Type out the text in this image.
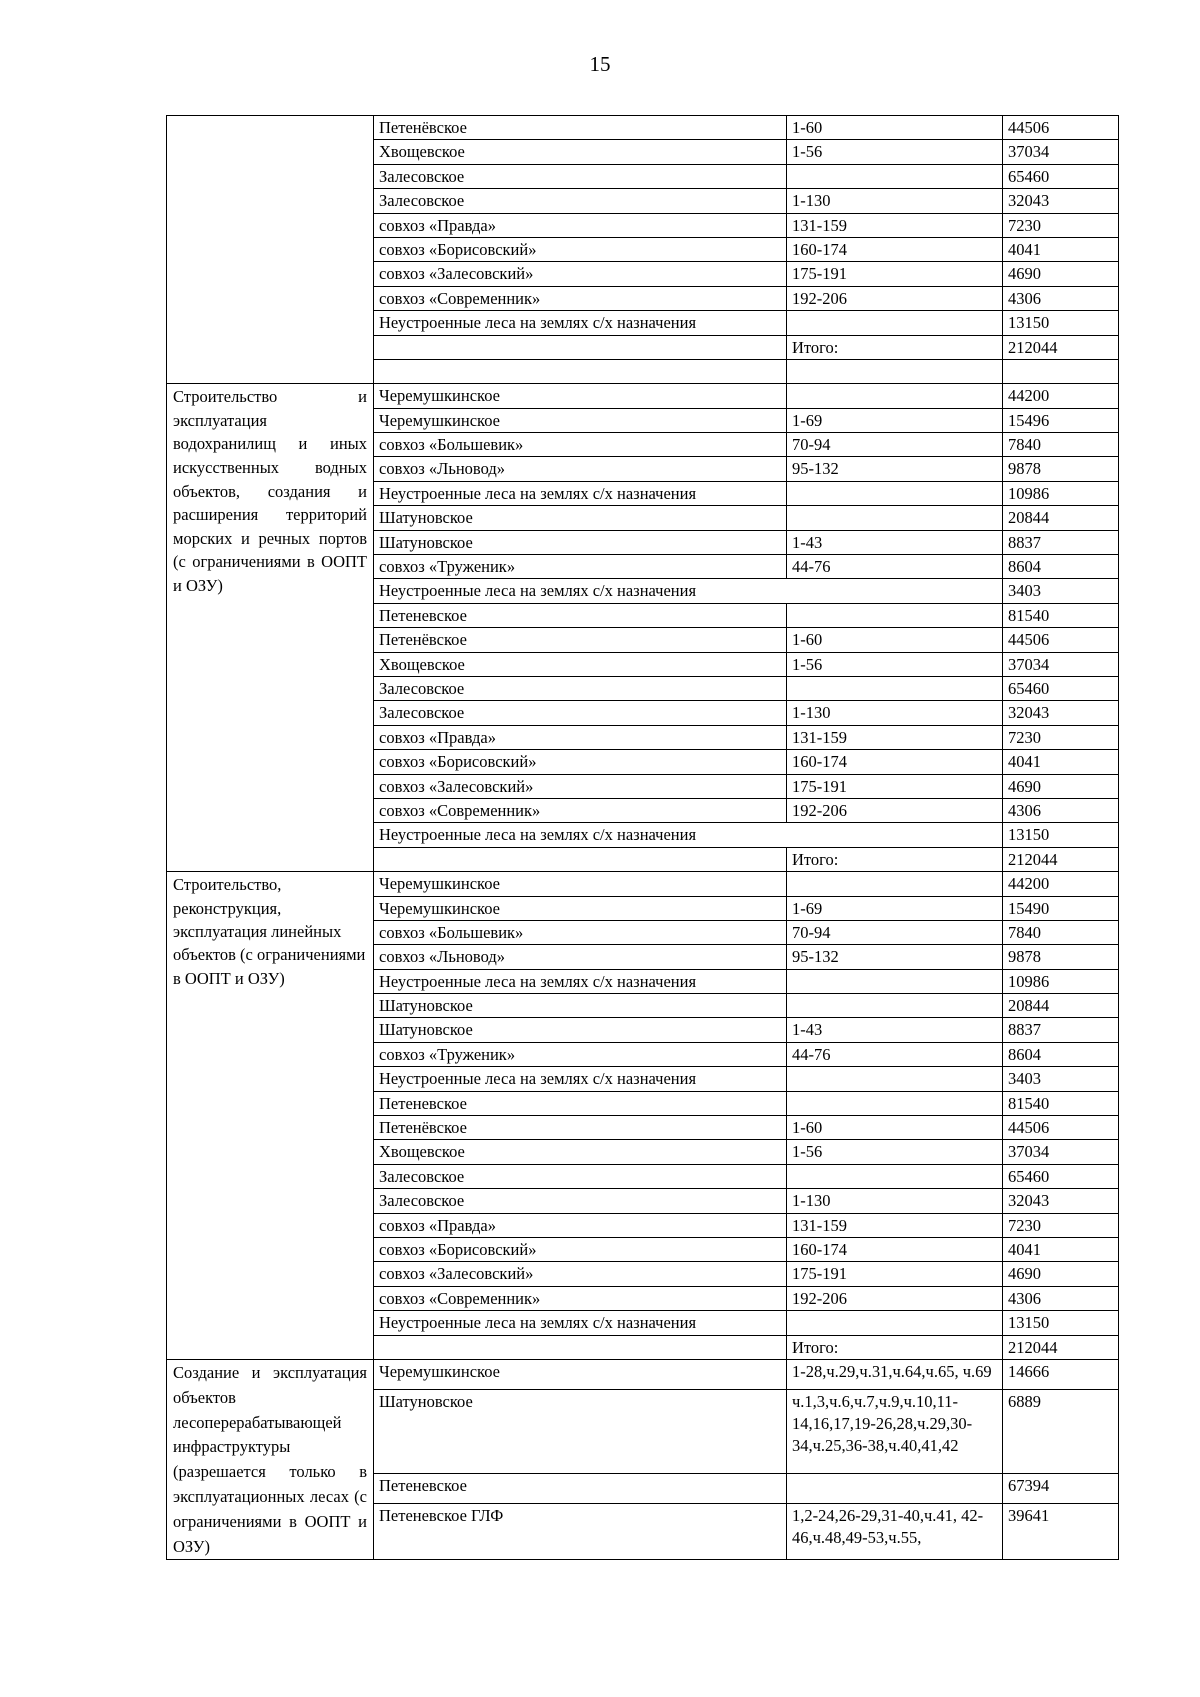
15
	Петенёвское	1-60	44506
	Хвощевское	1-56	37034
	Залесовское		65460
	Залесовское	1-130	32043
	совхоз «Правда»	131-159	7230
	совхоз «Борисовский»	160-174	4041
	совхоз «Залесовский»	175-191	4690
	совхоз «Современник»	192-206	4306
	Неустроенные леса на землях с/х назначения		13150
		Итого:	212044

Строительство и эксплуатация водохранилищ и иных искусственных водных объектов, создания и расширения территорий морских и речных портов (с ограничениями в ООПТ и ОЗУ)	Черемушкинское		44200
	Черемушкинское	1-69	15496
	совхоз «Большевик»	70-94	7840
	совхоз «Льновод»	95-132	9878
	Неустроенные леса на землях с/х назначения		10986
	Шатуновское		20844
	Шатуновское	1-43	8837
	совхоз «Труженик»	44-76	8604
	Неустроенные леса на землях с/х назначения		3403
	Петеневское		81540
	Петенёвское	1-60	44506
	Хвощевское	1-56	37034
	Залесовское		65460
	Залесовское	1-130	32043
	совхоз «Правда»	131-159	7230
	совхоз «Борисовский»	160-174	4041
	совхоз «Залесовский»	175-191	4690
	совхоз «Современник»	192-206	4306
	Неустроенные леса на землях с/х назначения		13150
		Итого:	212044
Строительство, реконструкция, эксплуатация линейных объектов (с ограничениями в ООПТ и ОЗУ)	Черемушкинское		44200
	Черемушкинское	1-69	15490
	совхоз «Большевик»	70-94	7840
	совхоз «Льновод»	95-132	9878
	Неустроенные леса на землях с/х назначения		10986
	Шатуновское		20844
	Шатуновское	1-43	8837
	совхоз «Труженик»	44-76	8604
	Неустроенные леса на землях с/х назначения		3403
	Петеневское		81540
	Петенёвское	1-60	44506
	Хвощевское	1-56	37034
	Залесовское		65460
	Залесовское	1-130	32043
	совхоз «Правда»	131-159	7230
	совхоз «Борисовский»	160-174	4041
	совхоз «Залесовский»	175-191	4690
	совхоз «Современник»	192-206	4306
	Неустроенные леса на землях с/х назначения		13150
		Итого:	212044
Создание и эксплуатация объектов лесоперерабатывающей инфраструктуры (разрешается только в эксплуатационных лесах (с ограничениями в ООПТ и ОЗУ)	Черемушкинское	1-28,ч.29,ч.31,ч.64,ч.65, ч.69	14666
	Шатуновское	ч.1,3,ч.6,ч.7,ч.9,ч.10,11-14,16,17,19-26,28,ч.29,30-34,ч.25,36-38,ч.40,41,42	6889
	Петеневское		67394
	Петеневское ГЛФ	1,2-24,26-29,31-40,ч.41, 42-46,ч.48,49-53,ч.55,	39641
